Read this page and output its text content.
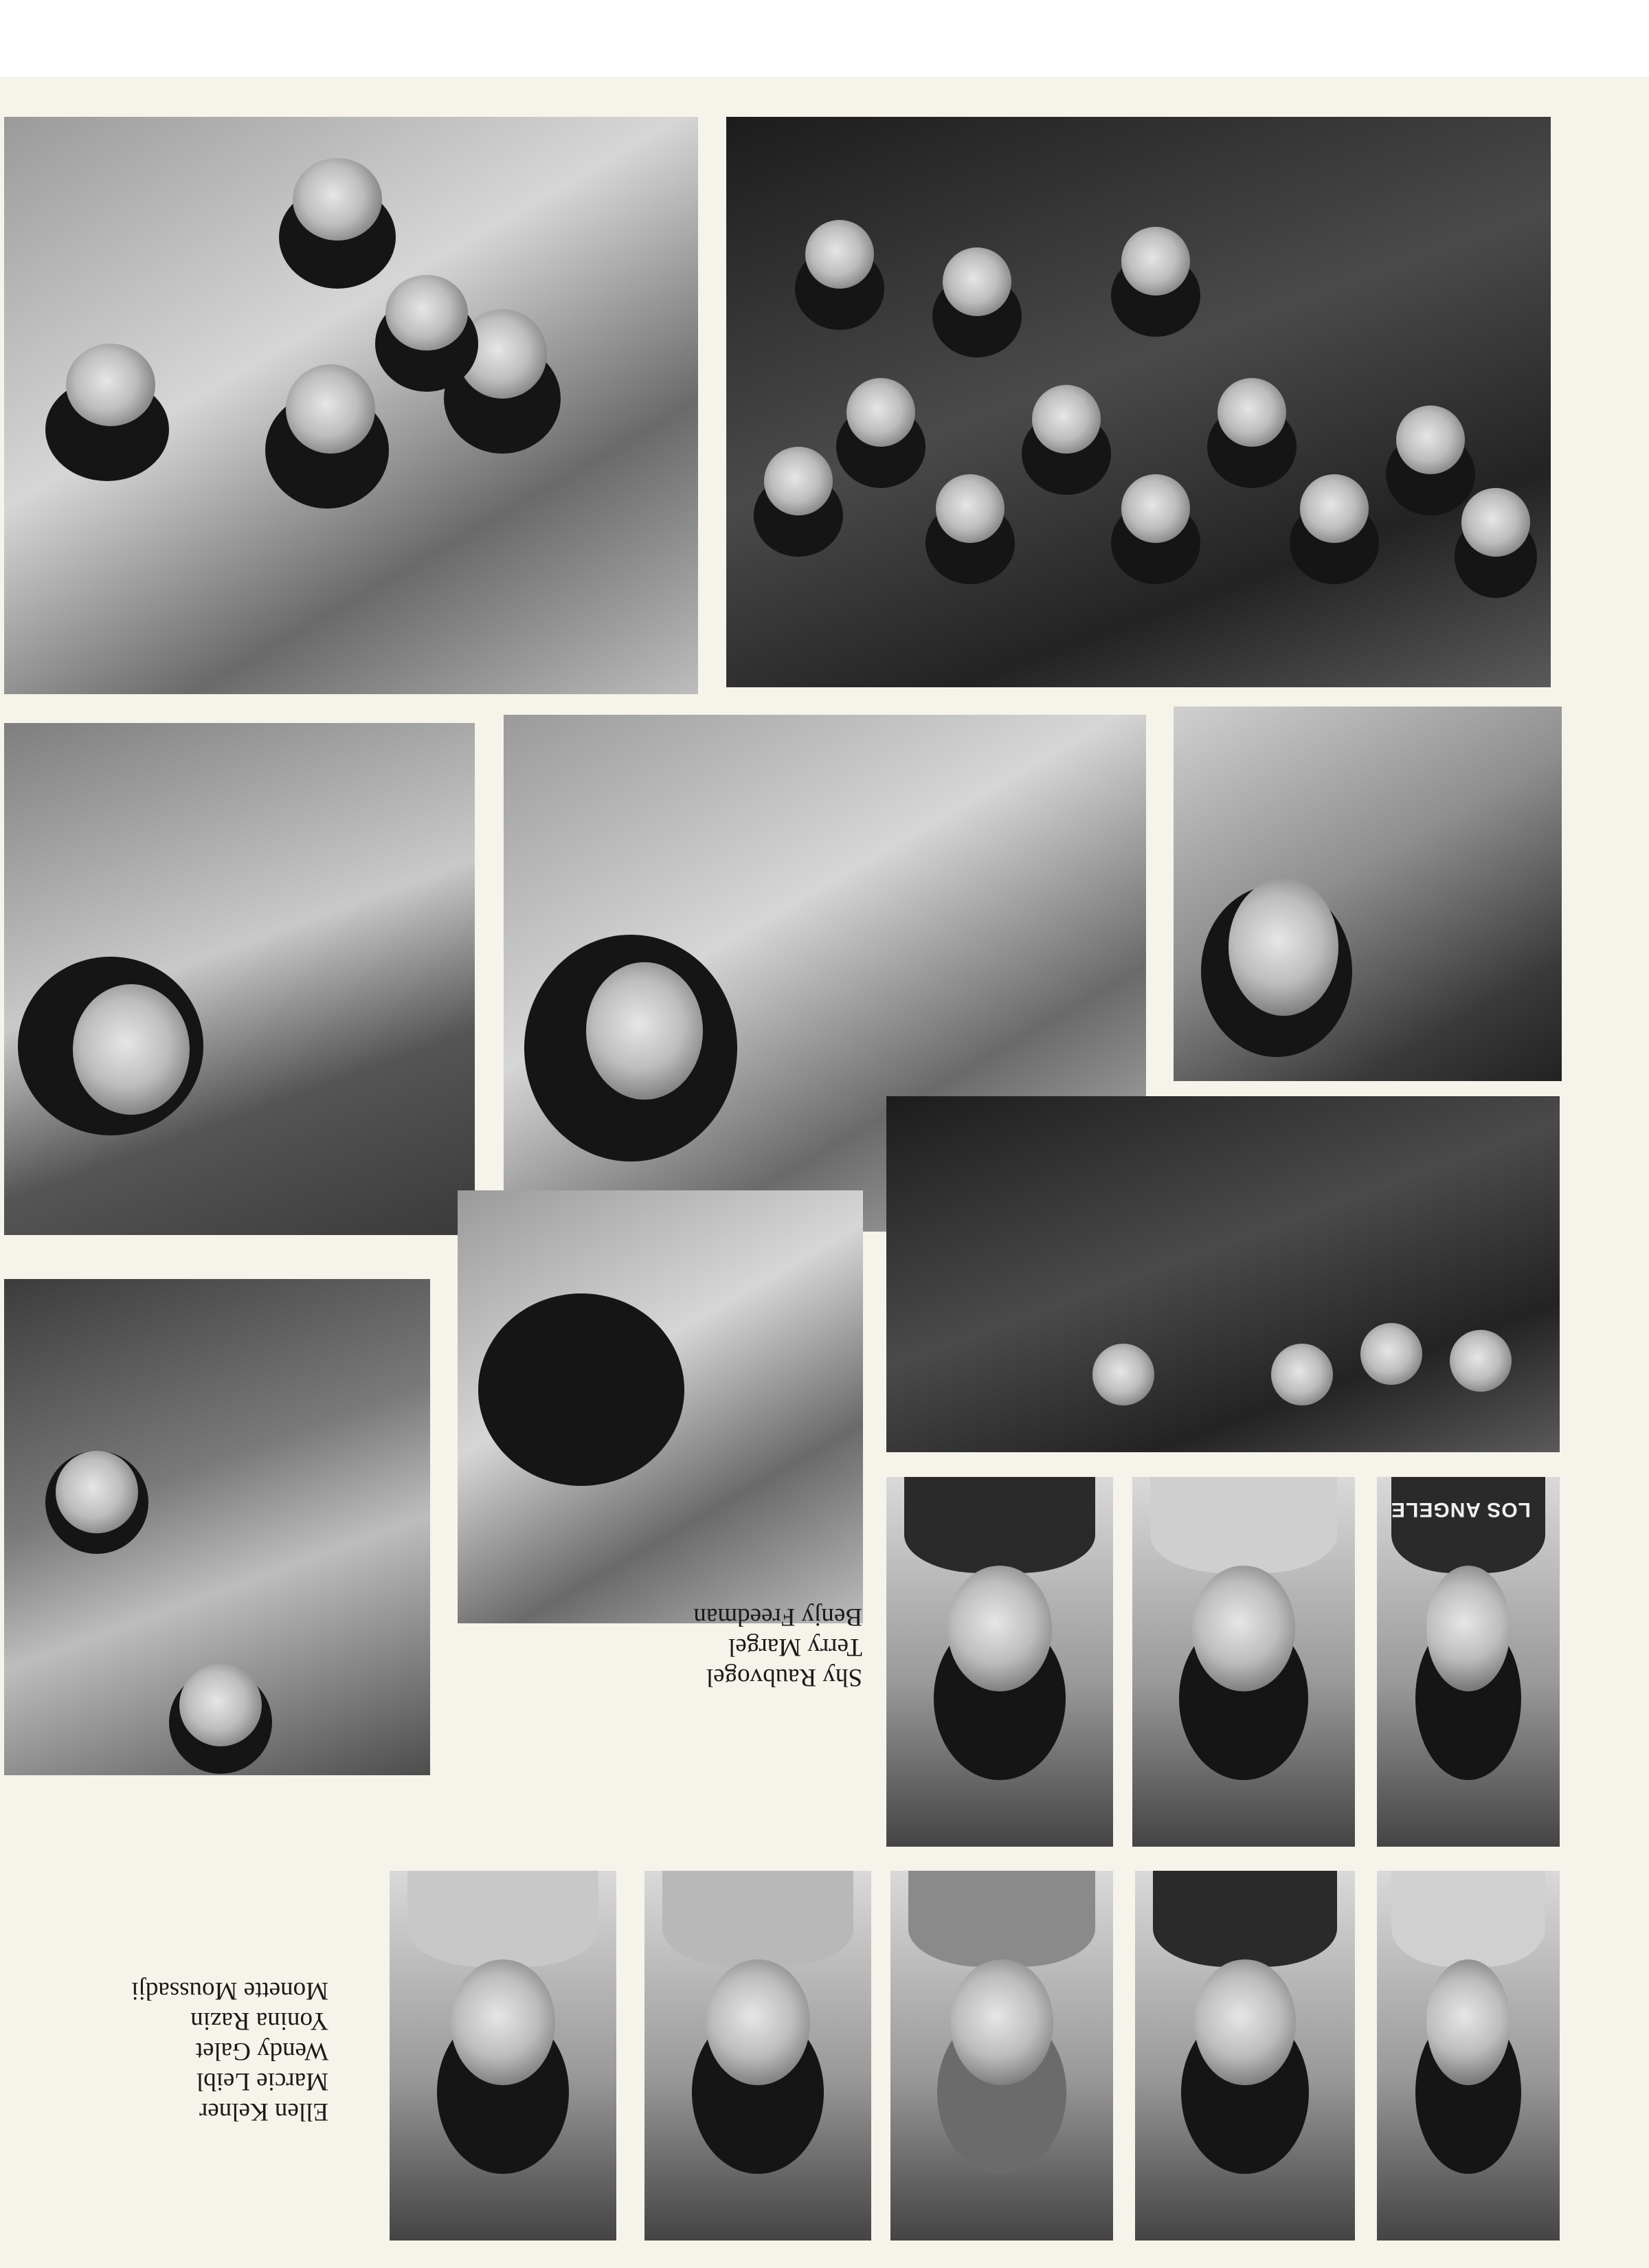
LOS ANGELE
Shy Raubvogel
Terry Margel
Benjy Freedman
Ellen Kelner
Marcie Leibl
Wendy Galet
Yonina Razin
Monette Moussadji
